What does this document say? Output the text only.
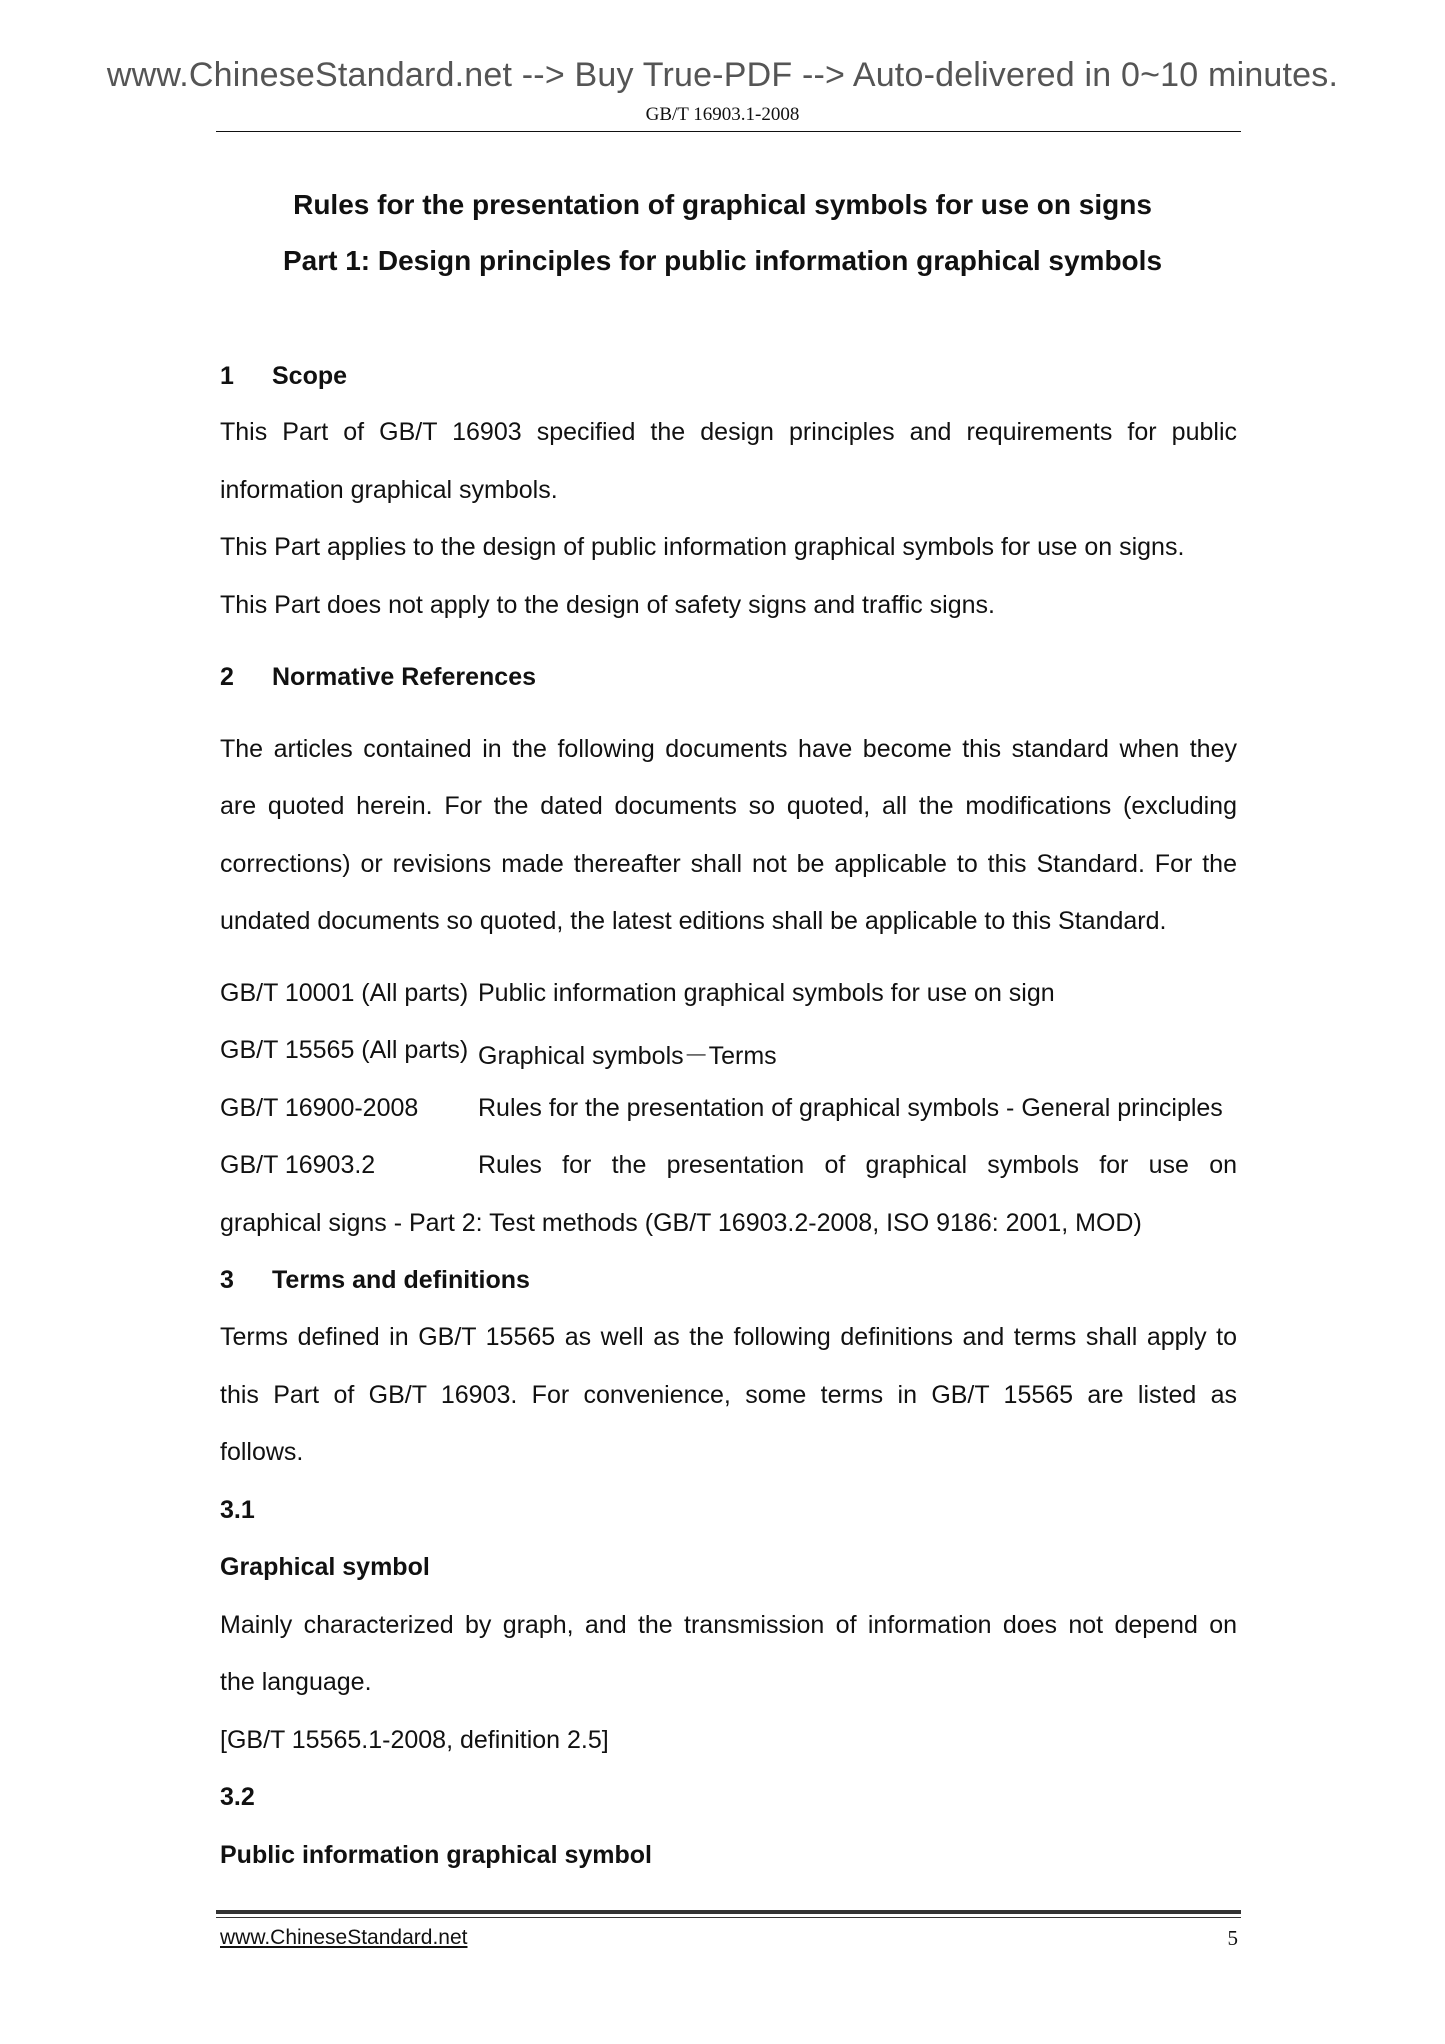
www.ChineseStandard.net --> Buy True-PDF --> Auto-delivered in 0~10 minutes.
GB/T 16903.1-2008
Rules for the presentation of graphical symbols for use on signs
Part 1: Design principles for public information graphical symbols
1 Scope
This Part of GB/T 16903 specified the design principles and requirements for public
information graphical symbols.
This Part applies to the design of public information graphical symbols for use on signs.
This Part does not apply to the design of safety signs and traffic signs.
2 Normative References
The articles contained in the following documents have become this standard when they
are quoted herein. For the dated documents so quoted, all the modifications (excluding
corrections) or revisions made thereafter shall not be applicable to this Standard. For the
undated documents so quoted, the latest editions shall be applicable to this Standard.
GB/T 10001 (All parts) Public information graphical symbols for use on sign
GB/T 15565 (All parts) Graphical symbols－Terms
GB/T 16900-2008 Rules for the presentation of graphical symbols - General principles
GB/T 16903.2	Rules for the presentation of graphical symbols for use on
graphical signs - Part 2: Test methods (GB/T 16903.2-2008, ISO 9186: 2001, MOD)
3 Terms and definitions
Terms defined in GB/T 15565 as well as the following definitions and terms shall apply to
this Part of GB/T 16903. For convenience, some terms in GB/T 15565 are listed as
follows.
3.1
Graphical symbol
Mainly characterized by graph, and the transmission of information does not depend on
the language.
[GB/T 15565.1-2008, definition 2.5]
3.2
Public information graphical symbol
www.ChineseStandard.net	5
